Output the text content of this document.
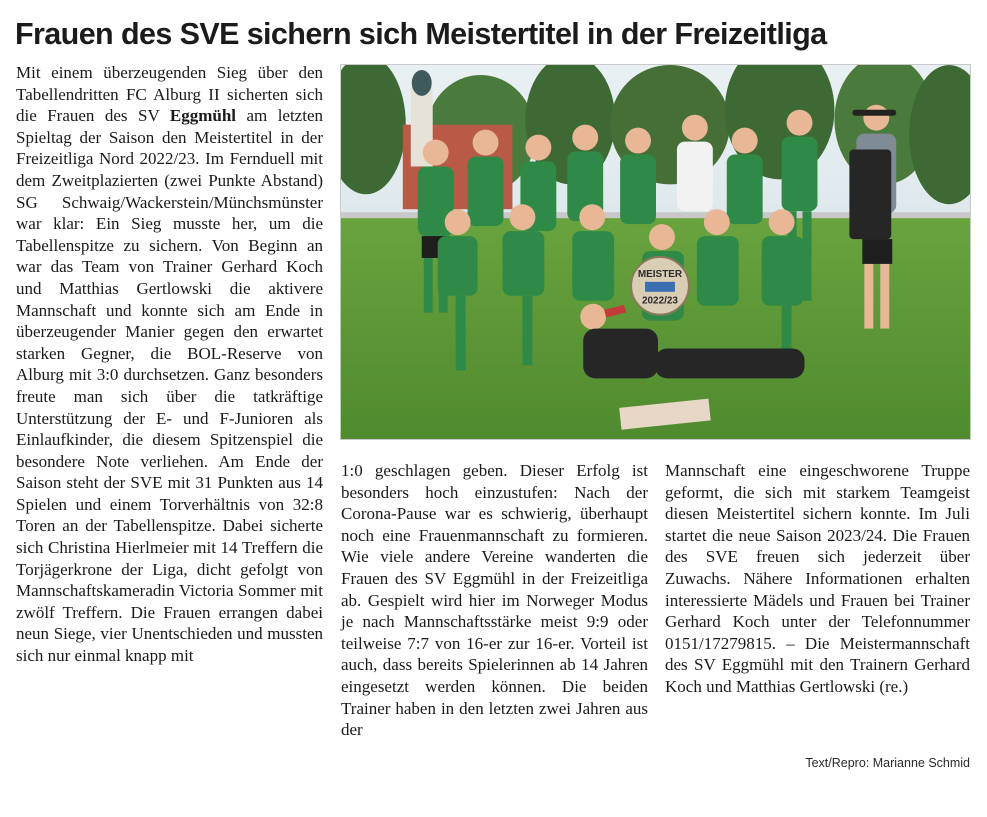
Frauen des SVE sichern sich Meistertitel in der Freizeitliga

Mit einem überzeugenden Sieg über den Tabellendritten FC Alburg II sicherten sich die Frauen des SV Eggmühl am letzten Spieltag der Saison den Meistertitel in der Freizeitliga Nord 2022/23. Im Fernduell mit dem Zweitplazierten (zwei Punkte Abstand) SG Schwaig/Wackerstein/Münchsmünster war klar: Ein Sieg musste her, um die Tabellenspitze zu sichern. Von Beginn an war das Team von Trainer Gerhard Koch und Matthias Gertlowski die aktivere Mannschaft und konnte sich am Ende in überzeugender Manier gegen den erwartet starken Gegner, die BOL-Reserve von Alburg mit 3:0 durchsetzen. Ganz besonders freute man sich über die tatkräftige Unterstützung der E- und F-Junioren als Einlaufkinder, die diesem Spitzenspiel die besondere Note verliehen. Am Ende der Saison steht der SVE mit 31 Punkten aus 14 Spielen und einem Torverhältnis von 32:8 Toren an der Tabellenspitze. Dabei sicherte sich Christina Hierlmeier mit 14 Treffern die Torjägerkrone der Liga, dicht gefolgt von Mannschaftskameradin Victoria Sommer mit zwölf Treffern. Die Frauen errangen dabei neun Siege, vier Unentschieden und mussten sich nur einmal knapp mit

MEISTER
2022/23

1:0 geschlagen geben. Dieser Erfolg ist besonders hoch einzustufen: Nach der Corona-Pause war es schwierig, überhaupt noch eine Frauenmannschaft zu formieren. Wie viele andere Vereine wanderten die Frauen des SV Eggmühl in der Freizeitliga ab. Gespielt wird hier im Norweger Modus je nach Mannschaftsstärke meist 9:9 oder teilweise 7:7 von 16-er zur 16-er. Vorteil ist auch, dass bereits Spielerinnen ab 14 Jahren eingesetzt werden können. Die beiden Trainer haben in den letzten zwei Jahren aus der

Mannschaft eine eingeschworene Truppe geformt, die sich mit starkem Teamgeist diesen Meistertitel sichern konnte. Im Juli startet die neue Saison 2023/24. Die Frauen des SVE freuen sich jederzeit über Zuwachs. Nähere Informationen erhalten interessierte Mädels und Frauen bei Trainer Gerhard Koch unter der Telefonnummer 0151/17279815. – Die Meistermannschaft des SV Eggmühl mit den Trainern Gerhard Koch und Matthias Gertlowski (re.)

Text/Repro: Marianne Schmid
